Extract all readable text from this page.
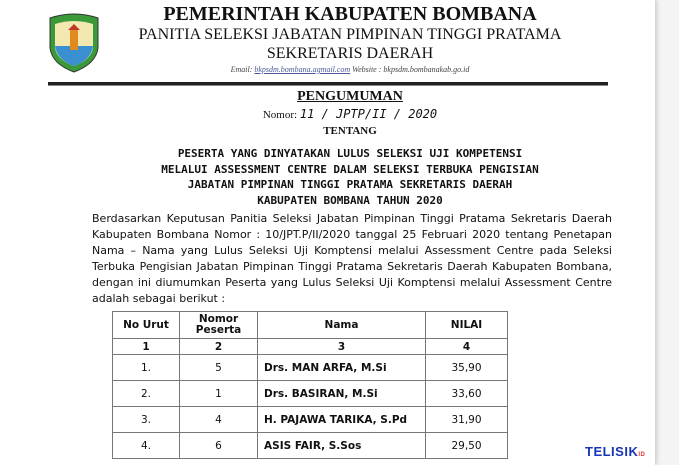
PEMERINTAH KABUPATEN BOMBANA
PANITIA SELEKSI JABATAN PIMPINAN TINGGI PRATAMA
SEKRETARIS DAERAH
Email: bkpsdm.bombana.agmail.com Website : bkpsdm.bombanakab.go.id
PENGUMUMAN
Nomor: 11 / JPTP/II / 2020
TENTANG
PESERTA YANG DINYATAKAN LULUS SELEKSI UJI KOMPETENSI
MELALUI ASSESSMENT CENTRE DALAM SELEKSI TERBUKA PENGISIAN
JABATAN PIMPINAN TINGGI PRATAMA SEKRETARIS DAERAH
KABUPATEN BOMBANA TAHUN 2020
Berdasarkan Keputusan Panitia Seleksi Jabatan Pimpinan Tinggi Pratama Sekretaris Daerah Kabupaten Bombana Nomor : 10/JPT.P/II/2020 tanggal 25 Februari 2020 tentang Penetapan Nama – Nama yang Lulus Seleksi Uji Komptensi melalui Assessment Centre pada Seleksi Terbuka Pengisian Jabatan Pimpinan Tinggi Pratama Sekretaris Daerah Kabupaten Bombana, dengan ini diumumkan Peserta yang Lulus Seleksi Uji Komptensi melalui Assessment Centre adalah sebagai berikut :
No Urut	Nomor Peserta	Nama	NILAI
1	2	3	4
1.	5	Drs. MAN ARFA, M.Si	35,90
2.	1	Drs. BASIRAN, M.Si	33,60
3.	4	H. PAJAWA TARIKA, S.Pd	31,90
4.	6	ASIS FAIR, S.Sos	29,50	TELISIKID
